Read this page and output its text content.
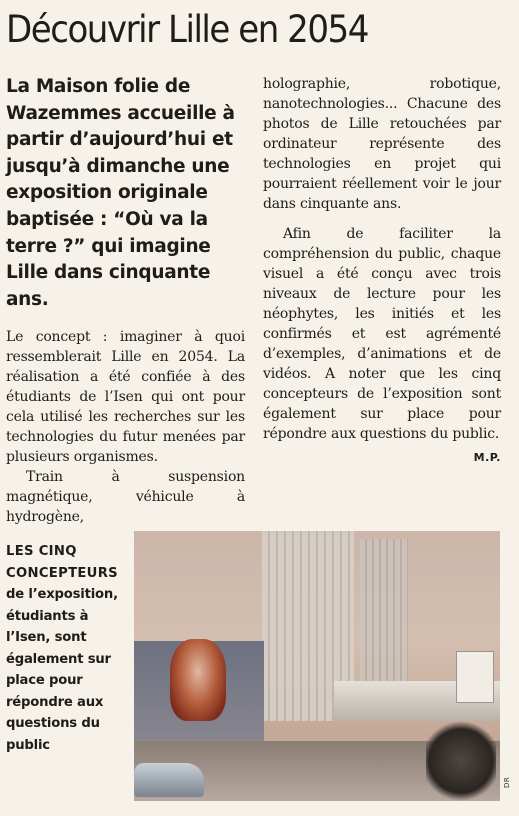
Découvrir Lille en 2054

La Maison folie de Wazemmes accueille à partir d’aujourd’hui et jusqu’à dimanche une exposition originale baptisée : “Où va la terre ?” qui imagine Lille dans cinquante ans.

Le concept : imaginer à quoi ressemblerait Lille en 2054. La réalisation a été confiée à des étudiants de l’Isen qui ont pour cela utilisé les recherches sur les technologies du futur menées par plusieurs organismes.

Train à suspension magnétique, véhicule à hydrogène,

holographie, robotique, nanotechnologies... Chacune des photos de Lille retouchées par ordinateur représente des technologies en projet qui pourraient réellement voir le jour dans cinquante ans.

Afin de faciliter la compréhension du public, chaque visuel a été conçu avec trois niveaux de lecture pour les néophytes, les initiés et les confirmés et est agrémenté d’exemples, d’animations et de vidéos. A noter que les cinq concepteurs de l’exposition sont également sur place pour répondre aux questions du public.
M.P.

LES CINQ CONCEPTEURS de l’exposition, étudiants à l’Isen, sont également sur place pour répondre aux questions du public
DR
